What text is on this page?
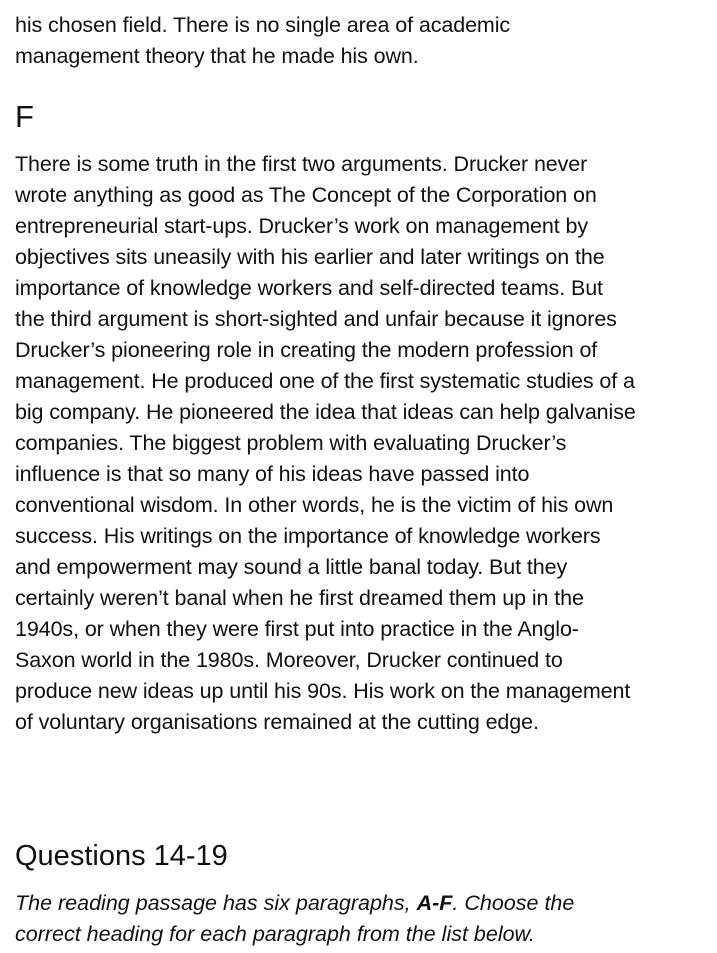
his chosen field. There is no single area of academic
management theory that he made his own.

F

There is some truth in the first two arguments. Drucker never
wrote anything as good as The Concept of the Corporation on
entrepreneurial start-ups. Drucker’s work on management by
objectives sits uneasily with his earlier and later writings on the
importance of knowledge workers and self-directed teams. But
the third argument is short-sighted and unfair because it ignores
Drucker’s pioneering role in creating the modern profession of
management. He produced one of the first systematic studies of a
big company. He pioneered the idea that ideas can help galvanise
companies. The biggest problem with evaluating Drucker’s
influence is that so many of his ideas have passed into
conventional wisdom. In other words, he is the victim of his own
success. His writings on the importance of knowledge workers
and empowerment may sound a little banal today. But they
certainly weren’t banal when he first dreamed them up in the
1940s, or when they were first put into practice in the Anglo-
Saxon world in the 1980s. Moreover, Drucker continued to
produce new ideas up until his 90s. His work on the management
of voluntary organisations remained at the cutting edge.

Questions 14-19

The reading passage has six paragraphs, A-F. Choose the
correct heading for each paragraph from the list below.
